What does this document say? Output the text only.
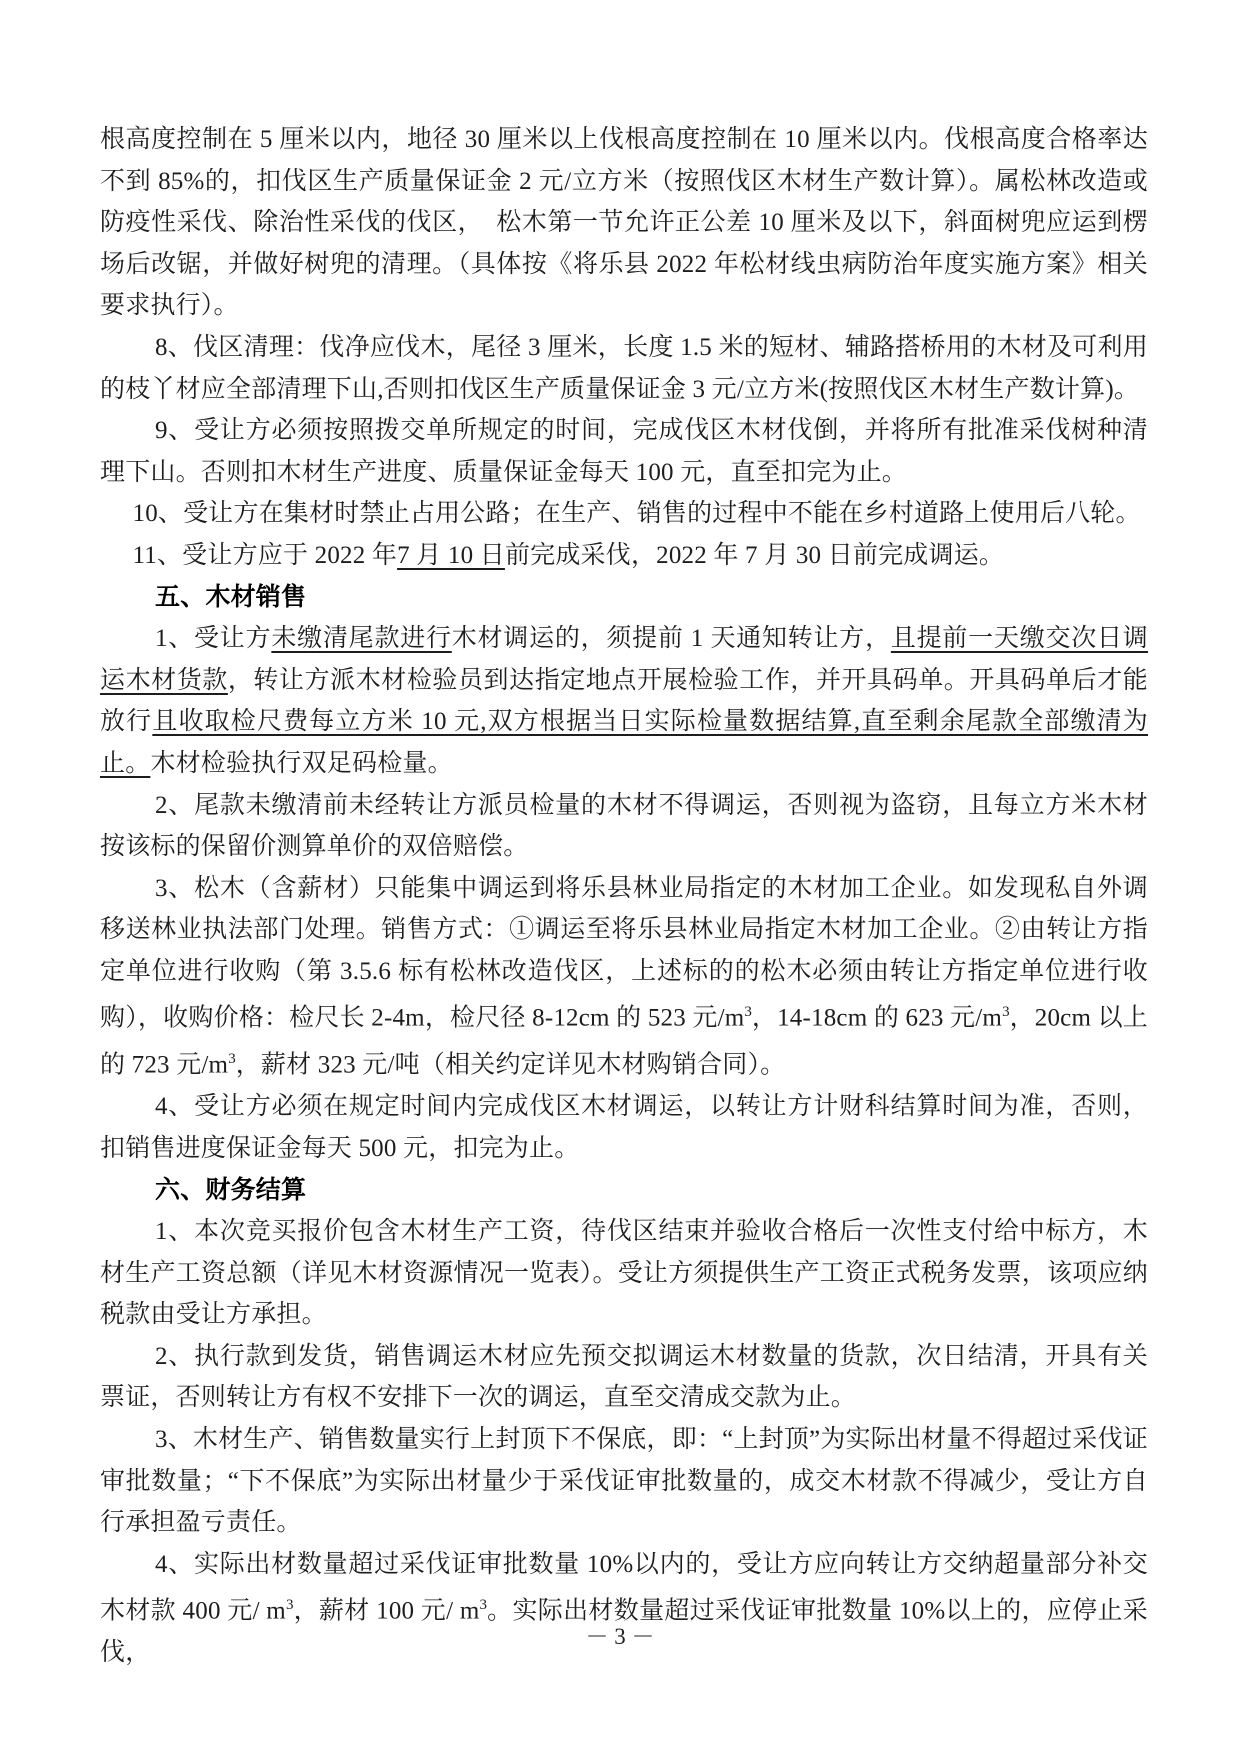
根高度控制在 5 厘米以内，地径 30 厘米以上伐根高度控制在 10 厘米以内。伐根高度合格率达不到 85%的，扣伐区生产质量保证金 2 元/立方米（按照伐区木材生产数计算）。属松林改造或防疫性采伐、除治性采伐的伐区，　松木第一节允许正公差 10 厘米及以下，斜面树兜应运到楞场后改锯，并做好树兜的清理。（具体按《将乐县 2022 年松材线虫病防治年度实施方案》相关要求执行）。

8、伐区清理：伐净应伐木，尾径 3 厘米，长度 1.5 米的短材、辅路搭桥用的木材及可利用的枝丫材应全部清理下山,否则扣伐区生产质量保证金 3 元/立方米(按照伐区木材生产数计算)。

9、受让方必须按照拨交单所规定的时间，完成伐区木材伐倒，并将所有批准采伐树种清理下山。否则扣木材生产进度、质量保证金每天 100 元，直至扣完为止。

10、受让方在集材时禁止占用公路；在生产、销售的过程中不能在乡村道路上使用后八轮。

11、受让方应于 2022 年7 月 10 日前完成采伐，2022 年 7 月 30 日前完成调运。

五、木材销售

1、受让方未缴清尾款进行木材调运的，须提前 1 天通知转让方，且提前一天缴交次日调运木材货款，转让方派木材检验员到达指定地点开展检验工作，并开具码单。开具码单后才能放行且收取检尺费每立方米 10 元,双方根据当日实际检量数据结算,直至剩余尾款全部缴清为止。木材检验执行双足码检量。

2、尾款未缴清前未经转让方派员检量的木材不得调运，否则视为盗窃，且每立方米木材按该标的保留价测算单价的双倍赔偿。

3、松木（含薪材）只能集中调运到将乐县林业局指定的木材加工企业。如发现私自外调移送林业执法部门处理。销售方式：①调运至将乐县林业局指定木材加工企业。②由转让方指定单位进行收购（第 3.5.6 标有松林改造伐区，上述标的的松木必须由转让方指定单位进行收购），收购价格：检尺长 2-4m，检尺径 8-12cm 的 523 元$/m^3$，14-18cm 的 623 元$/m^3$，20cm 以上的 723 元$/m^3$，薪材 323 元/吨（相关约定详见木材购销合同）。

4、受让方必须在规定时间内完成伐区木材调运，以转让方计财科结算时间为准，否则，扣销售进度保证金每天 500 元，扣完为止。

六、财务结算

1、本次竞买报价包含木材生产工资，待伐区结束并验收合格后一次性支付给中标方，木材生产工资总额（详见木材资源情况一览表）。受让方须提供生产工资正式税务发票，该项应纳税款由受让方承担。

2、执行款到发货，销售调运木材应先预交拟调运木材数量的货款，次日结清，开具有关票证，否则转让方有权不安排下一次的调运，直至交清成交款为止。

3、木材生产、销售数量实行上封顶下不保底，即：“上封顶”为实际出材量不得超过采伐证审批数量；“下不保底”为实际出材量少于采伐证审批数量的，成交木材款不得减少，受让方自行承担盈亏责任。

4、实际出材数量超过采伐证审批数量 10%以内的，受让方应向转让方交纳超量部分补交木材款 400 元/ $m^3$，薪材 100 元/ $m^3$。实际出材数量超过采伐证审批数量 10%以上的，应停止采伐，

－ 3 －
